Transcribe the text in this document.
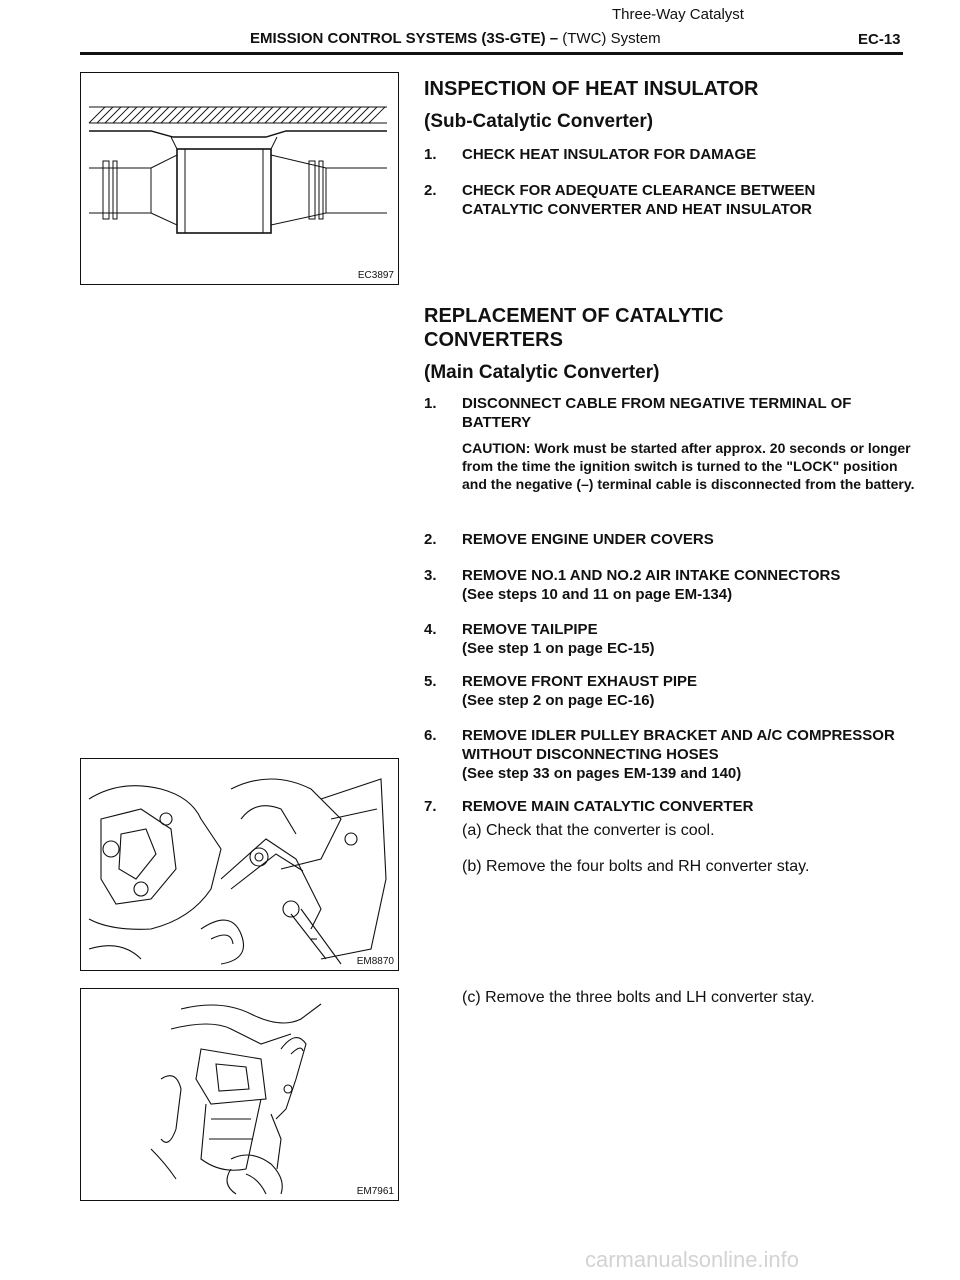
Three-Way Catalyst
EMISSION CONTROL SYSTEMS (3S-GTE) – (TWC) System	EC-13
EC3897
EM8870
EM7961
INSPECTION OF HEAT INSULATOR
(Sub-Catalytic Converter)
1. CHECK HEAT INSULATOR FOR DAMAGE
2. CHECK FOR ADEQUATE CLEARANCE BETWEEN CATALYTIC CONVERTER AND HEAT INSULATOR
REPLACEMENT OF CATALYTIC CONVERTERS
(Main Catalytic Converter)
1. DISCONNECT CABLE FROM NEGATIVE TERMINAL OF BATTERY
CAUTION: Work must be started after approx. 20 seconds or longer from the time the ignition switch is turned to the "LOCK" position and the negative (–) terminal cable is disconnected from the battery.
2. REMOVE ENGINE UNDER COVERS
3. REMOVE NO.1 AND NO.2 AIR INTAKE CONNECTORS
(See steps 10 and 11 on page EM-134)
4. REMOVE TAILPIPE
(See step 1 on page EC-15)
5. REMOVE FRONT EXHAUST PIPE
(See step 2 on page EC-16)
6. REMOVE IDLER PULLEY BRACKET AND A/C COMPRESSOR WITHOUT DISCONNECTING HOSES
(See step 33 on pages EM-139 and 140)
7. REMOVE MAIN CATALYTIC CONVERTER
(a) Check that the converter is cool.
(b) Remove the four bolts and RH converter stay.
(c) Remove the three bolts and LH converter stay.
carmanualsonline.info
